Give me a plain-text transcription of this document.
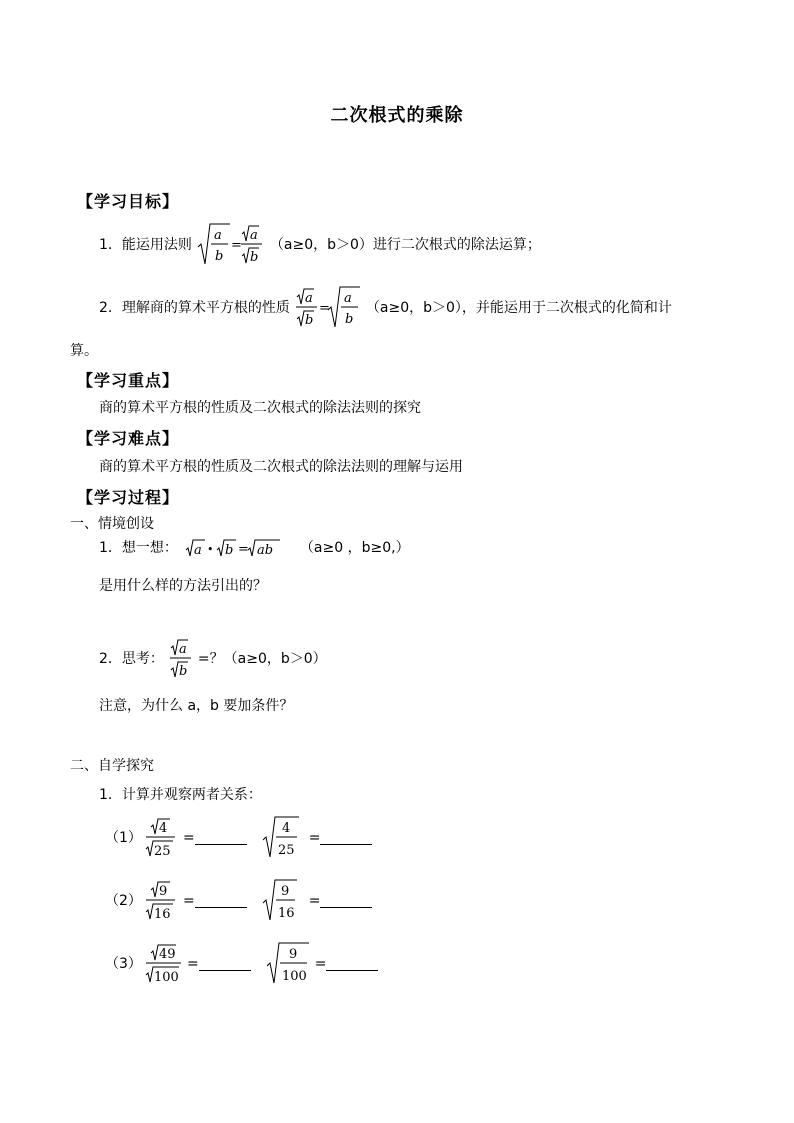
二次根式的乘除
【学习目标】
1．能运用法则
a
b
=
a
b
（a≥0，b＞0）进行二次根式的除法运算；
2．理解商的算术平方根的性质
a
b
=
a
b
（a≥0，b＞0），并能运用于二次根式的化简和计
算。
【学习重点】
商的算术平方根的性质及二次根式的除法法则的探究
【学习难点】
商的算术平方根的性质及二次根式的除法法则的理解与运用
【学习过程】
一、情境创设
1．想一想： a • b = ab （a≥0 ，b≥0,）
是用什么样的方法引出的？
2．思考：
a
b
=？（a≥0，b＞0）
注意，为什么 a，b 要加条件？
二、自学探究
1．计算并观察两者关系：
（1）
4
25
=
4
25
=
（2）
9
16
=
9
16
=
（3）
49
100
=
9
100
=
